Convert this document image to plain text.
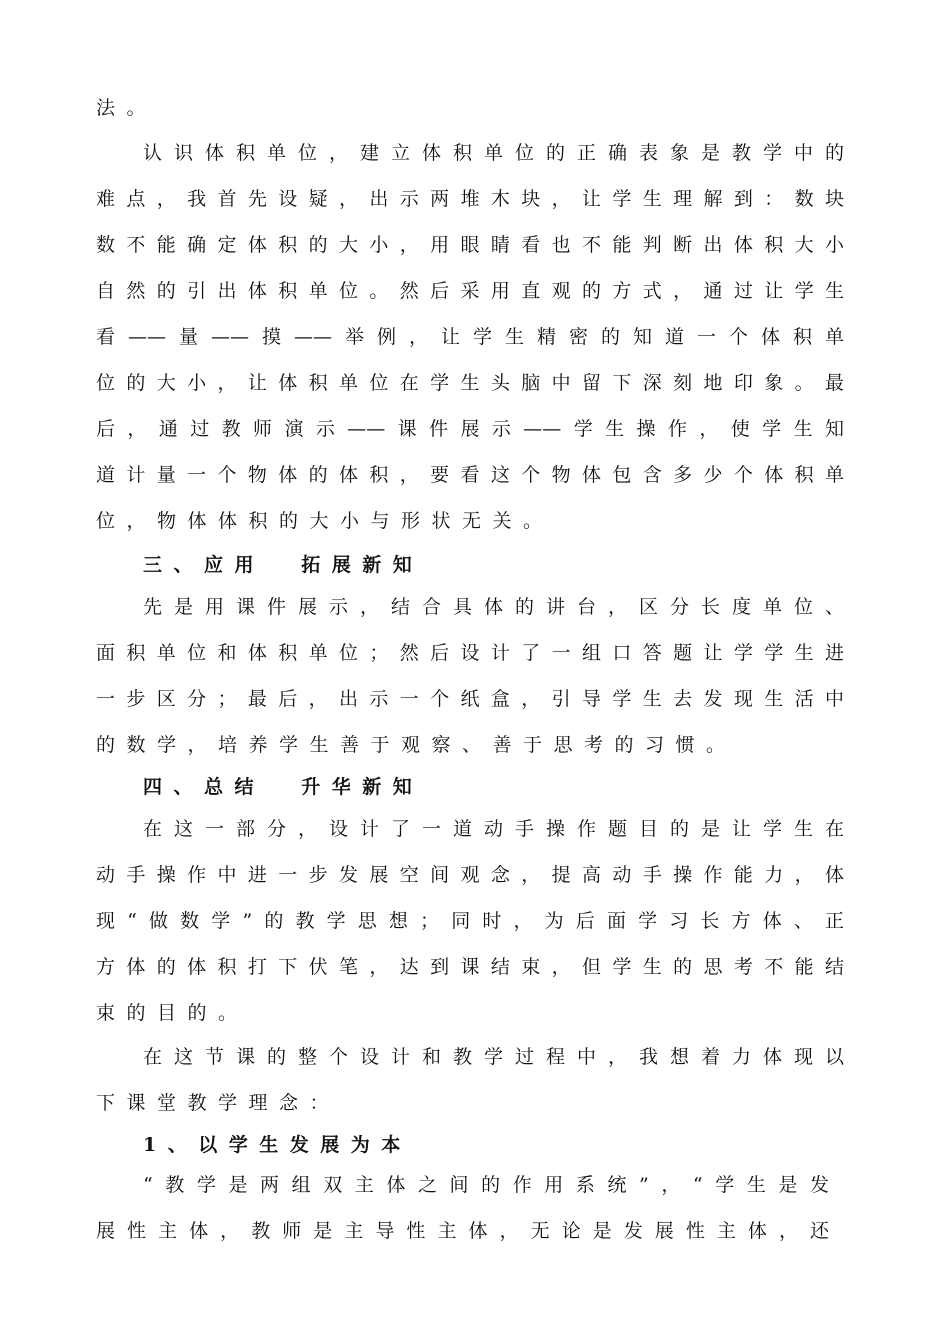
法。
认识体积单位，建立体积单位的正确表象是教学中的
难点，我首先设疑，出示两堆木块，让学生理解到：数块
数不能确定体积的大小，用眼睛看也不能判断出体积大小
自然的引出体积单位。然后采用直观的方式，通过让学生
看——量——摸——举例，让学生精密的知道一个体积单
位的大小，让体积单位在学生头脑中留下深刻地印象。最
后，通过教师演示——课件展示——学生操作，使学生知
道计量一个物体的体积，要看这个物体包含多少个体积单
位，物体体积的大小与形状无关。
三、应用  拓展新知
先是用课件展示，结合具体的讲台，区分长度单位、
面积单位和体积单位；然后设计了一组口答题让学学生进
一步区分；最后，出示一个纸盒，引导学生去发现生活中
的数学，培养学生善于观察、善于思考的习惯。
四、总结  升华新知
在这一部分，设计了一道动手操作题目的是让学生在
动手操作中进一步发展空间观念，提高动手操作能力，体
现“做数学”的教学思想；同时，为后面学习长方体、正
方体的体积打下伏笔，达到课结束，但学生的思考不能结
束的目的。
在这节课的整个设计和教学过程中，我想着力体现以
下课堂教学理念：
1、以学生发展为本
“教学是两组双主体之间的作用系统”，“学生是发
展性主体，教师是主导性主体，无论是发展性主体，还
